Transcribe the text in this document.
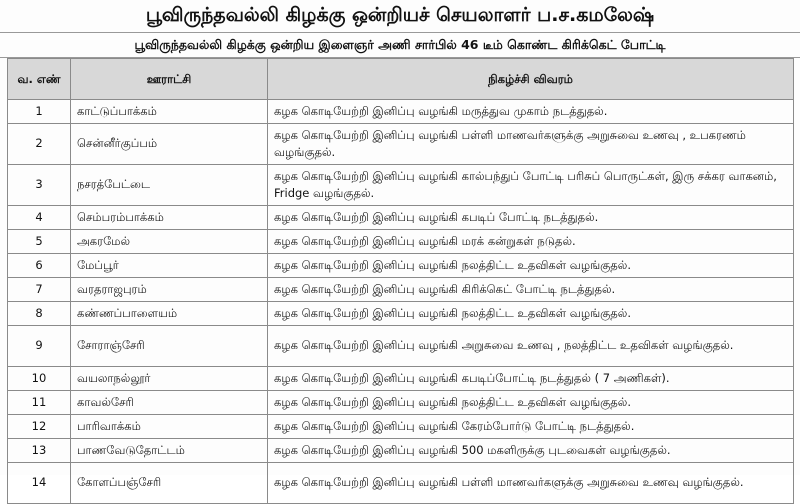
பூவிருந்தவல்லி கிழக்கு ஒன்றியச் செயலாளர் ப.ச.கமலேஷ்
பூவிருந்தவல்லி கிழக்கு ஒன்றிய இளைஞர் அணி சார்பில் 46 டீம் கொண்ட கிரிக்கெட் போட்டி
வ. எண்	ஊராட்சி	நிகழ்ச்சி விவரம்
1	காட்டுப்பாக்கம்	கழக கொடியேற்றி இனிப்பு வழங்கி மருத்துவ முகாம் நடத்துதல்.
2	சென்னீர்குப்பம்	கழக கொடியேற்றி இனிப்பு வழங்கி பள்ளி மாணவர்களுக்கு அறுசுவை உணவு , உபகரணம் வழங்குதல்.
3	நசரத்பேட்டை	கழக கொடியேற்றி இனிப்பு வழங்கி கால்பந்துப் போட்டி பரிசுப் பொருட்கள், இரு சக்கர வாகனம், Fridge வழங்குதல்.
4	செம்பரம்பாக்கம்	கழக கொடியேற்றி இனிப்பு வழங்கி கபடிப் போட்டி நடத்துதல்.
5	அகரமேல்	கழக கொடியேற்றி இனிப்பு வழங்கி மரக் கன்றுகள் நடுதல்.
6	மேப்பூர்	கழக கொடியேற்றி இனிப்பு வழங்கி நலத்திட்ட உதவிகள் வழங்குதல்.
7	வரதராஜபுரம்	கழக கொடியேற்றி இனிப்பு வழங்கி கிரிக்கெட் போட்டி நடத்துதல்.
8	கண்ணப்பாளையம்	கழக கொடியேற்றி இனிப்பு வழங்கி நலத்திட்ட உதவிகள் வழங்குதல்.
9	சோராஞ்சேரி	கழக கொடியேற்றி இனிப்பு வழங்கி அறுசுவை உணவு , நலத்திட்ட உதவிகள் வழங்குதல்.
10	வயலாநல்லூர்	கழக கொடியேற்றி இனிப்பு வழங்கி கபடிப்போட்டி நடத்துதல் ( 7 அணிகள்).
11	காவல்சேரி	கழக கொடியேற்றி இனிப்பு வழங்கி நலத்திட்ட உதவிகள் வழங்குதல்.
12	பாரிவாக்கம்	கழக கொடியேற்றி இனிப்பு வழங்கி கேரம்போர்டு போட்டி நடத்துதல்.
13	பாணவேடுதோட்டம்	கழக கொடியேற்றி இனிப்பு வழங்கி 500 மகளிருக்கு புடவைகள் வழங்குதல்.
14	கோளப்பஞ்சேரி	கழக கொடியேற்றி இனிப்பு வழங்கி பள்ளி மாணவர்களுக்கு அறுசுவை உணவு வழங்குதல்.
